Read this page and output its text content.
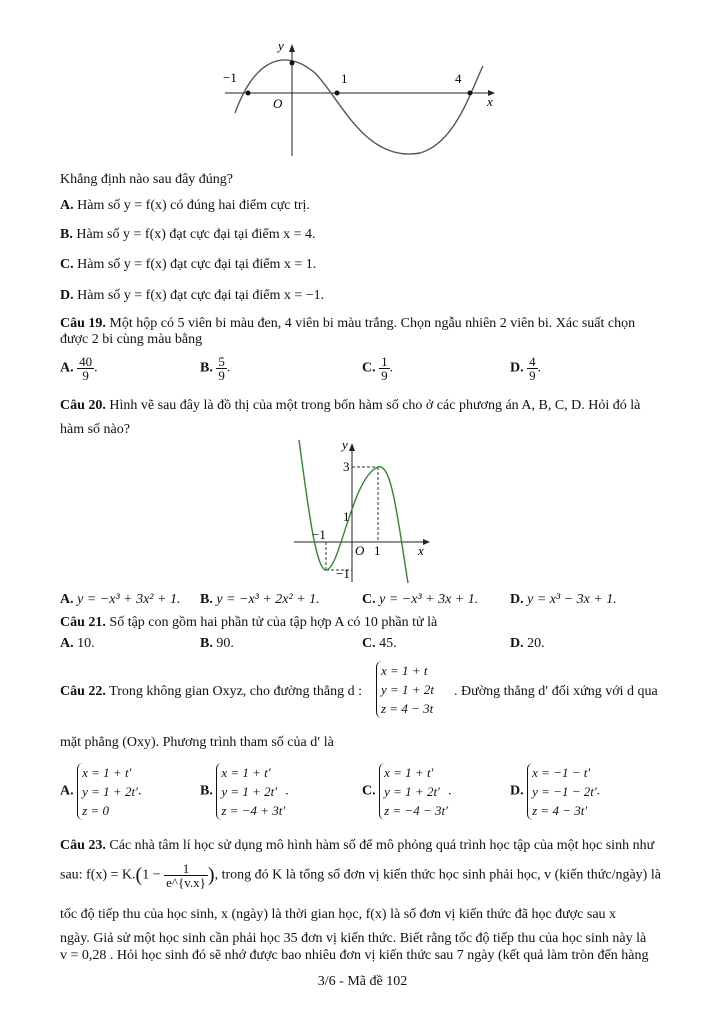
y
x
O
−1	1	4
Khẳng định nào sau đây đúng?
A. Hàm số y = f(x) có đúng hai điểm cực trị.
B. Hàm số y = f(x) đạt cực đại tại điểm x = 4.
C. Hàm số y = f(x) đạt cực đại tại điểm x = 1.
D. Hàm số y = f(x) đạt cực đại tại điểm x = −1.
Câu 19. Một hộp có 5 viên bi màu đen, 4 viên bi màu trắng. Chọn ngẫu nhiên 2 viên bi. Xác suất chọn
được 2 bi cùng màu bằng
A. $\frac{40}{9}$ .	B. $\frac{5}{9}$ .	C. $\frac{1}{9}$ .	D. $\frac{4}{9}$ .
Câu 20. Hình vẽ sau đây là đồ thị của một trong bốn hàm số cho ở các phương án A, B, C, D. Hỏi đó là
hàm số nào?
y
x
O
3
1
−1
−1
1
A. y = −x³ + 3x² + 1. B. y = −x³ + 2x² + 1.	C. y = −x³ + 3x + 1. D. y = x³ − 3x + 1.
Câu 21. Số tập con gồm hai phần tử của tập hợp A có 10 phần tử là
A. 10.	B. 90.	C. 45.	D. 20.
Câu 22. Trong không gian Oxyz, cho đường thẳng d :
x = 1 + t
y = 1 + 2t
z = 4 − 3t
. Đường thẳng d′ đối xứng với d qua
mặt phẳng (Oxy). Phương trình tham số của d′ là
A.
x = 1 + t′
y = 1 + 2t′
z = 0
.	B.
x = 1 + t′
y = 1 + 2t′
z = −4 + 3t′
.	C.
x = 1 + t′
y = 1 + 2t′
z = −4 − 3t′
.	D.
x = −1 − t′
y = −1 − 2t′
z = 4 − 3t′
.
Câu 23. Các nhà tâm lí học sử dụng mô hình hàm số để mô phỏng quá trình học tập của một học sinh như
sau: $f(x) = K.(1 - \frac{1}{e\^{}\{v.x\}}$ ), trong đó K là tổng số đơn vị kiến thức học sinh phải học, v (kiến thức/ngày) là
tốc độ tiếp thu của học sinh, x (ngày) là thời gian học, f(x) là số đơn vị kiến thức đã học được sau x
ngày. Giả sử một học sinh cần phải học 35 đơn vị kiến thức. Biết rằng tốc độ tiếp thu của học sinh này là
v = 0,28 . Hỏi học sinh đó sẽ nhớ được bao nhiêu đơn vị kiến thức sau 7 ngày (kết quả làm tròn đến hàng
3/6 - Mã đề 102
